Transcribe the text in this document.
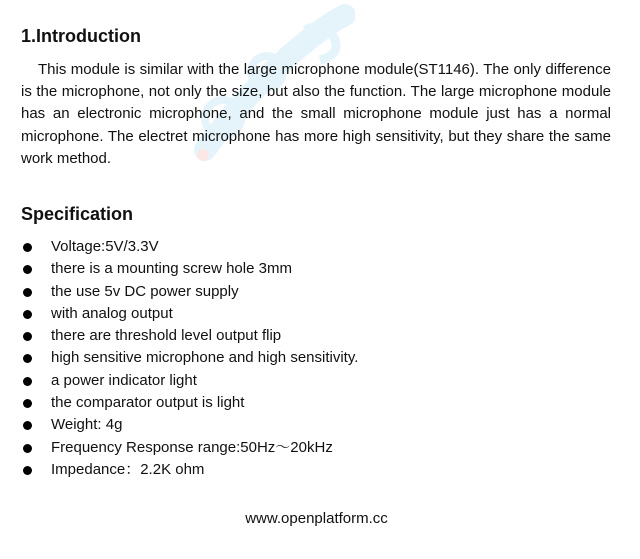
1.Introduction

This module is similar with the large microphone module(ST1146). The only difference is the microphone, not only the size, but also the function. The large microphone module has an electronic microphone, and the small microphone module just has a normal microphone. The electret microphone has more high sensitivity, but they share the same work method.

Specification
Voltage:5V/3.3V
there is a mounting screw hole 3mm
the use 5v DC power supply
with analog output
there are threshold level output flip
high sensitive microphone and high sensitivity.
a power indicator light
the comparator output is light
Weight: 4g
Frequency Response range:50Hz～20kHz
Impedance：2.2K ohm
www.openplatform.cc
